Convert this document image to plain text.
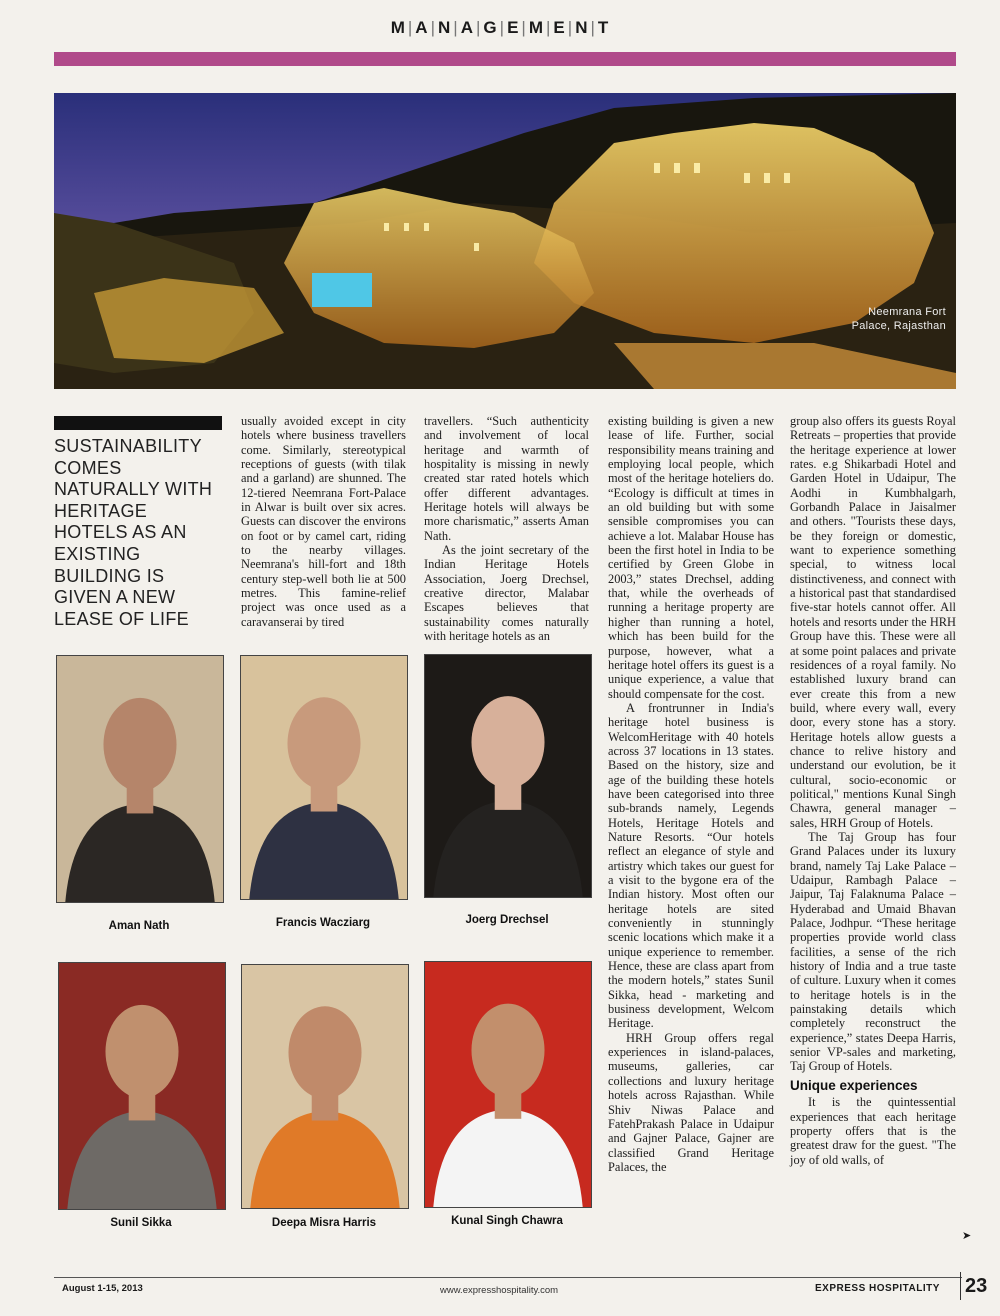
M | A | N | A | G | E | M | E | N | T
Neemrana Fort
Palace, Rajasthan
SUSTAINABILITY COMES NATURALLY WITH HERITAGE HOTELS AS AN EXISTING BUILDING IS GIVEN A NEW LEASE OF LIFE

usually avoided except in city hotels where business travellers come. Similarly, stereotypical receptions of guests (with tilak and a garland) are shunned. The 12-tiered Neemrana Fort-Palace in Alwar is built over six acres. Guests can discover the environs on foot or by camel cart, riding to the nearby villages. Neemrana's hill-fort and 18th century step-well both lie at 500 metres. This famine-relief project was once used as a caravanserai by tired

travellers. “Such authenticity and involvement of local heritage and warmth of hospitality is missing in newly created star rated hotels which offer different advantages. Heritage hotels will always be more charismatic,” asserts Aman Nath.

As the joint secretary of the Indian Heritage Hotels Association, Joerg Drechsel, creative director, Malabar Escapes believes that sustainability comes naturally with heritage hotels as an

existing building is given a new lease of life. Further, social responsibility means training and employing local people, which most of the heritage hoteliers do. “Ecology is difficult at times in an old building but with some sensible compromises you can achieve a lot. Malabar House has been the first hotel in India to be certified by Green Globe in 2003,” states Drechsel, adding that, while the overheads of running a heritage property are higher than running a hotel, which has been build for the purpose, however, what a heritage hotel offers its guest is a unique experience, a value that should compensate for the cost.

A frontrunner in India's heritage hotel business is WelcomHeritage with 40 hotels across 37 locations in 13 states. Based on the history, size and age of the building these hotels have been categorised into three sub-brands namely, Legends Hotels, Heritage Hotels and Nature Resorts. “Our hotels reflect an elegance of style and artistry which takes our guest for a visit to the bygone era of the Indian history. Most often our heritage hotels are sited conveniently in stunningly scenic locations which make it a unique experience to remember. Hence, these are class apart from the modern hotels,” states Sunil Sikka, head - marketing and business development, Welcom Heritage.

HRH Group offers regal experiences in island-palaces, museums, galleries, car collections and luxury heritage hotels across Rajasthan. While Shiv Niwas Palace and FatehPrakash Palace in Udaipur and Gajner Palace, Gajner are classified Grand Heritage Palaces, the

group also offers its guests Royal Retreats – properties that provide the heritage experience at lower rates. e.g Shikarbadi Hotel and Garden Hotel in Udaipur, The Aodhi in Kumbhalgarh, Gorbandh Palace in Jaisalmer and others. "Tourists these days, be they foreign or domestic, want to experience something special, to witness local distinctiveness, and connect with a historical past that standardised five-star hotels cannot offer. All hotels and resorts under the HRH Group have this. These were all at some point palaces and private residences of a royal family. No established luxury brand can ever create this from a new build, where every wall, every door, every stone has a story. Heritage hotels allow guests a chance to relive history and understand our evolution, be it cultural, socio-economic or political," mentions Kunal Singh Chawra, general manager – sales, HRH Group of Hotels.

The Taj Group has four Grand Palaces under its luxury brand, namely Taj Lake Palace – Udaipur, Rambagh Palace – Jaipur, Taj Falaknuma Palace – Hyderabad and Umaid Bhavan Palace, Jodhpur. “These heritage properties provide world class facilities, a sense of the rich history of India and a true taste of culture. Luxury when it comes to heritage hotels is in the painstaking details which completely reconstruct the experience,” states Deepa Harris, senior VP-sales and marketing, Taj Group of Hotels.

Unique experiences

It is the quintessential experiences that each heritage property offers that is the greatest draw for the guest. "The joy of old walls, of

➤
Aman Nath	Francis Wacziarg	Joerg Drechsel
Sunil Sikka	Deepa Misra Harris	Kunal Singh Chawra
August 1-15, 2013	www.expresshospitality.com	EXPRESS HOSPITALITY 23
